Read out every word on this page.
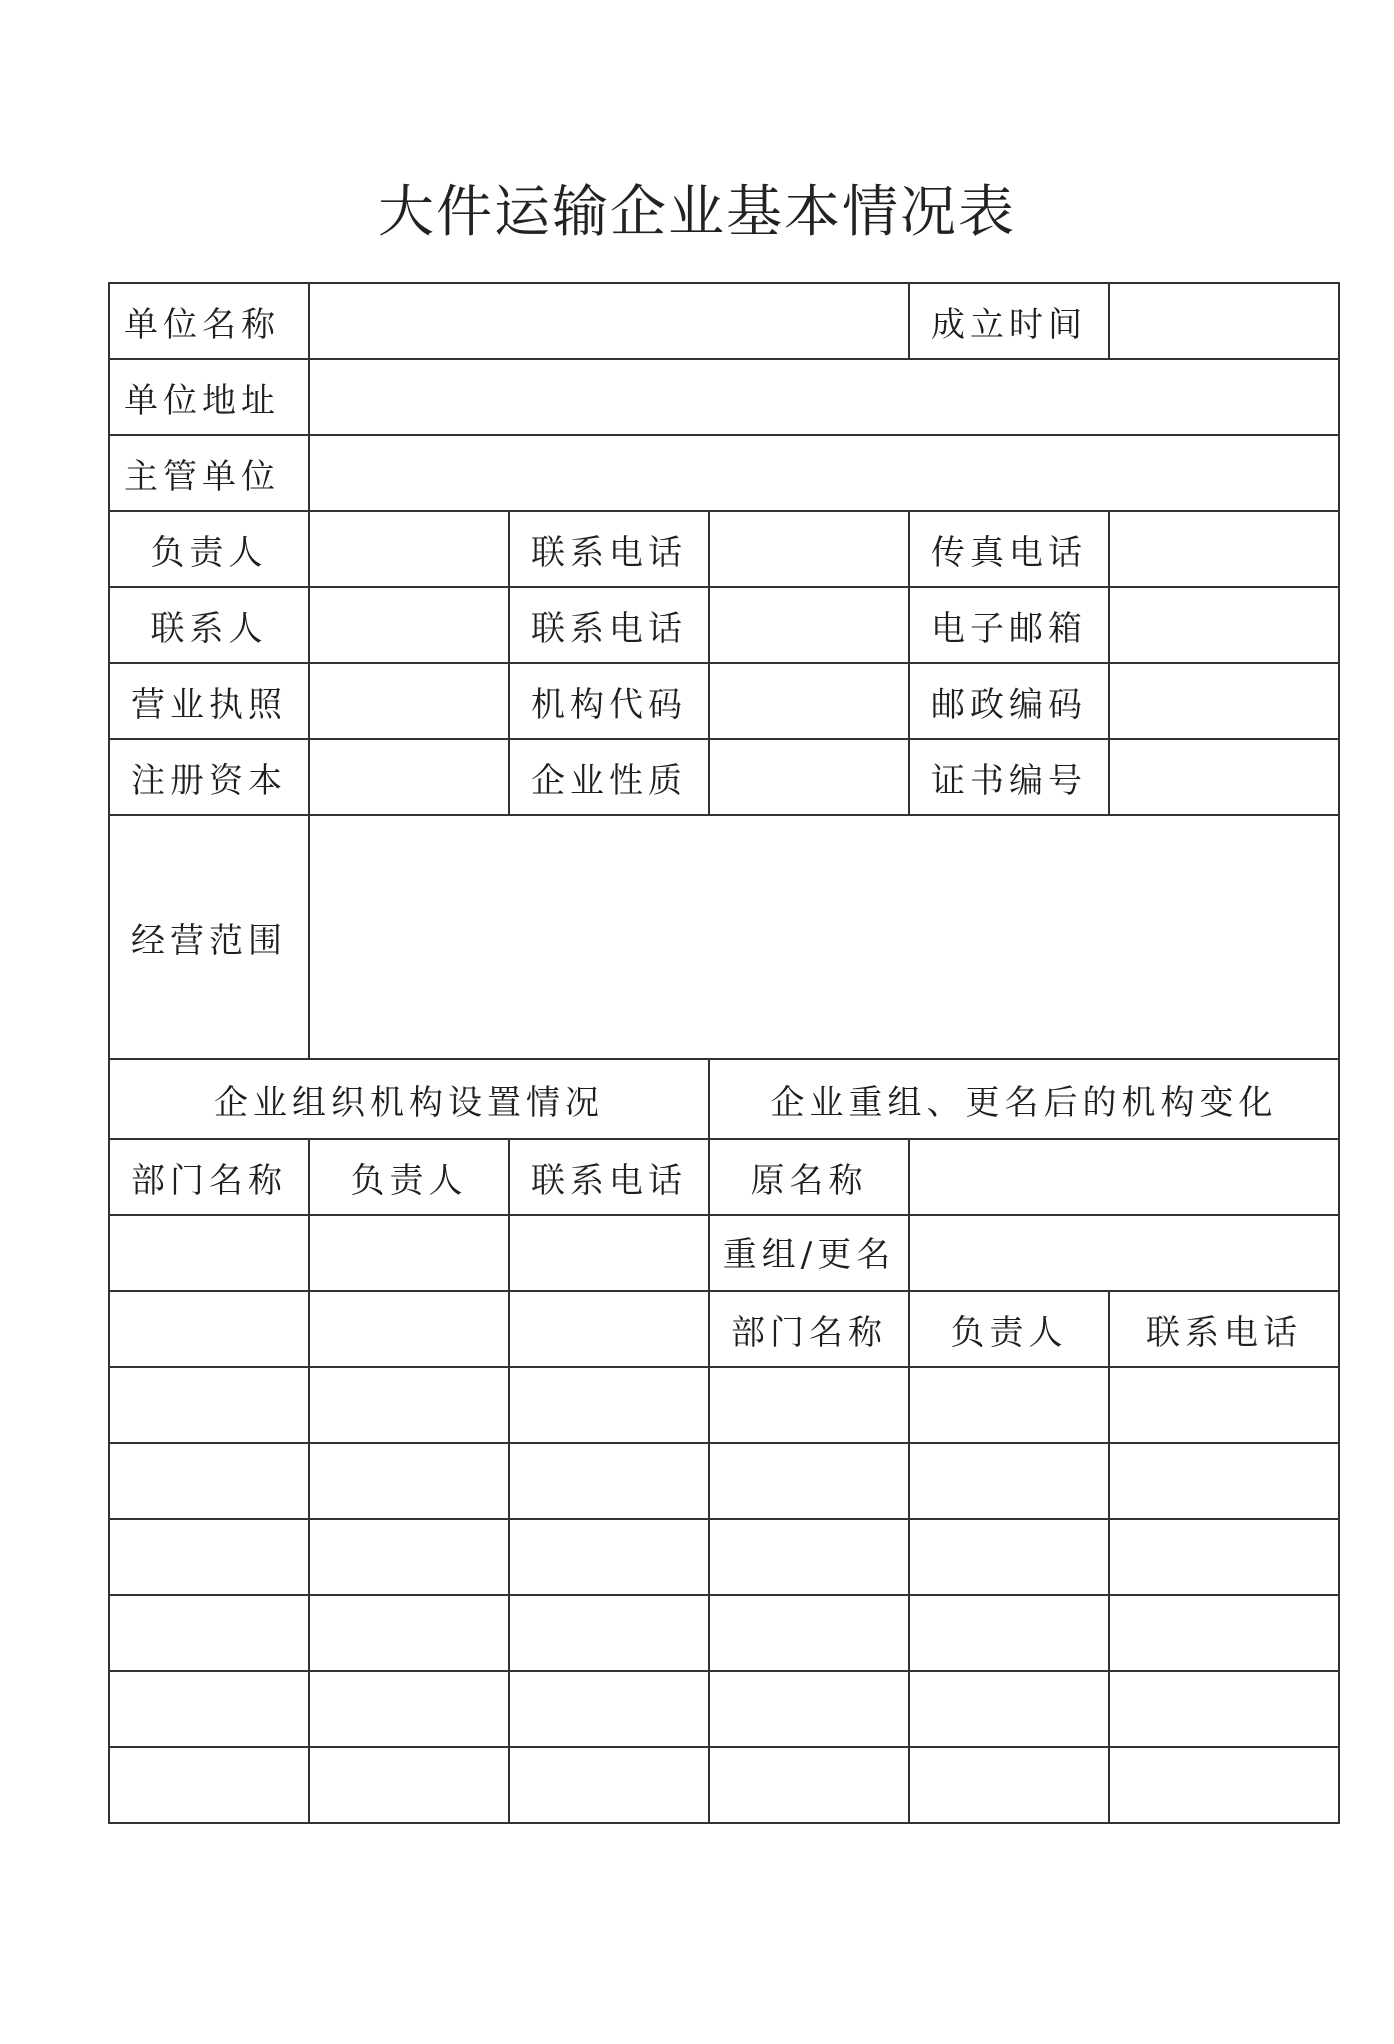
大件运输企业基本情况表
单位名称				成立时间	
单位地址					
主管单位					
负责人		联系电话		传真电话	
联系人		联系电话		电子邮箱	
营业执照		机构代码		邮政编码	
注册资本		企业性质		证书编号	
经营范围					
企业组织机构设置情况			企业重组、更名后的机构变化		
部门名称	负责人	联系电话	原名称		

			重组/更名		

			部门名称	负责人	联系电话
